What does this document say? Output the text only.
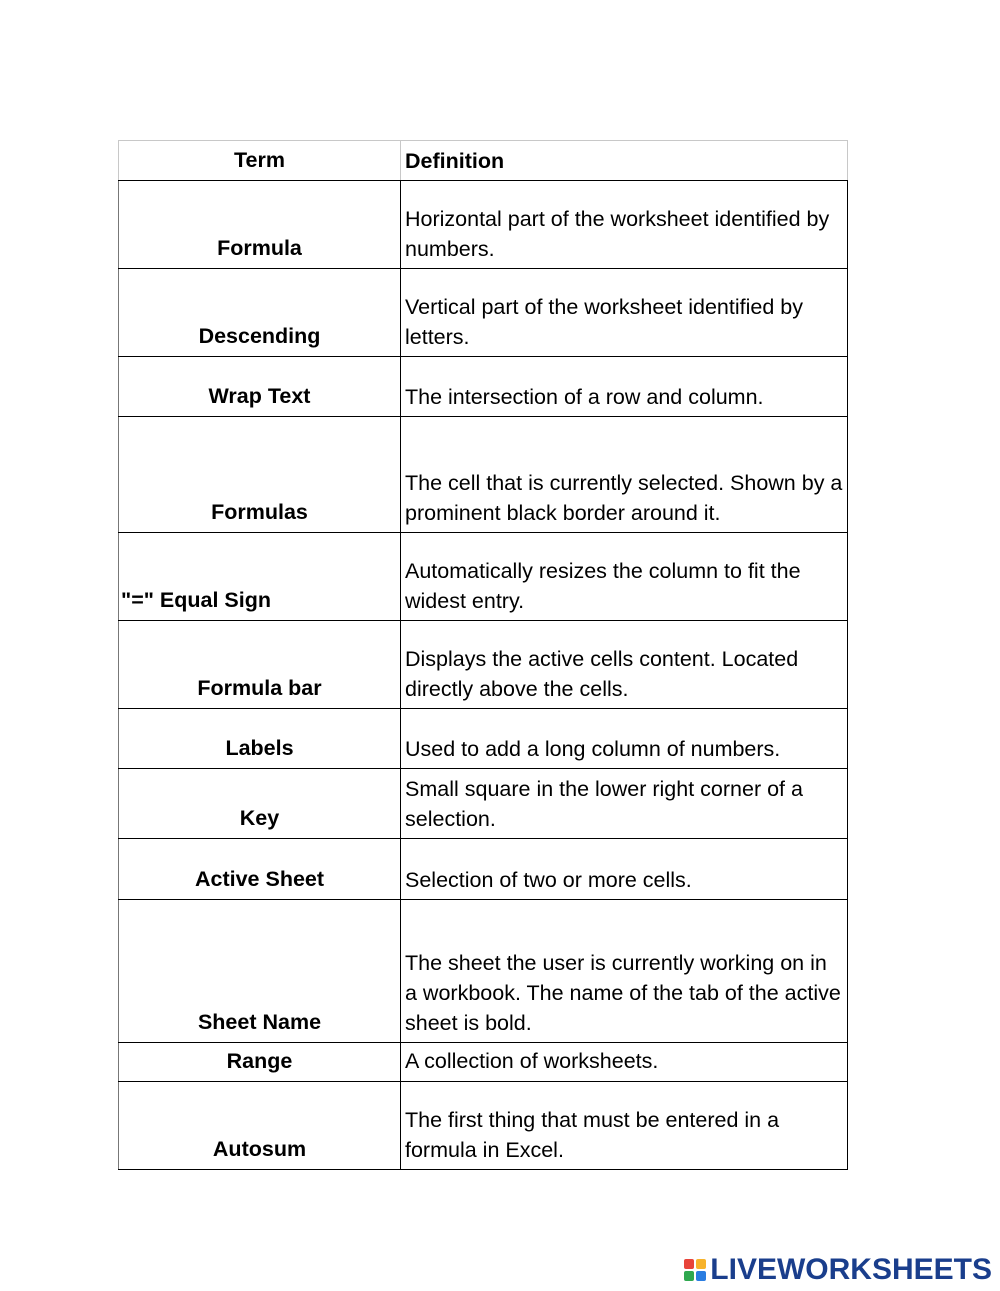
Term	Definition
Formula	Horizontal part of the worksheet identified by numbers.
Descending	Vertical part of the worksheet identified by letters.
Wrap Text	The intersection of a row and column.
Formulas	The cell that is currently selected. Shown by a prominent black border around it.
"=" Equal Sign	Automatically resizes the column to fit the widest entry.
Formula bar	Displays the active cells content. Located directly above the cells.
Labels	Used to add a long column of numbers.
Key	Small square in the lower right corner of a selection.
Active Sheet	Selection of two or more cells.
Sheet Name	The sheet the user is currently working on in a workbook. The name of the tab of the active sheet is bold.
Range	A collection of worksheets.
Autosum	The first thing that must be entered in a formula in Excel.
LIVEWORKSHEETS
